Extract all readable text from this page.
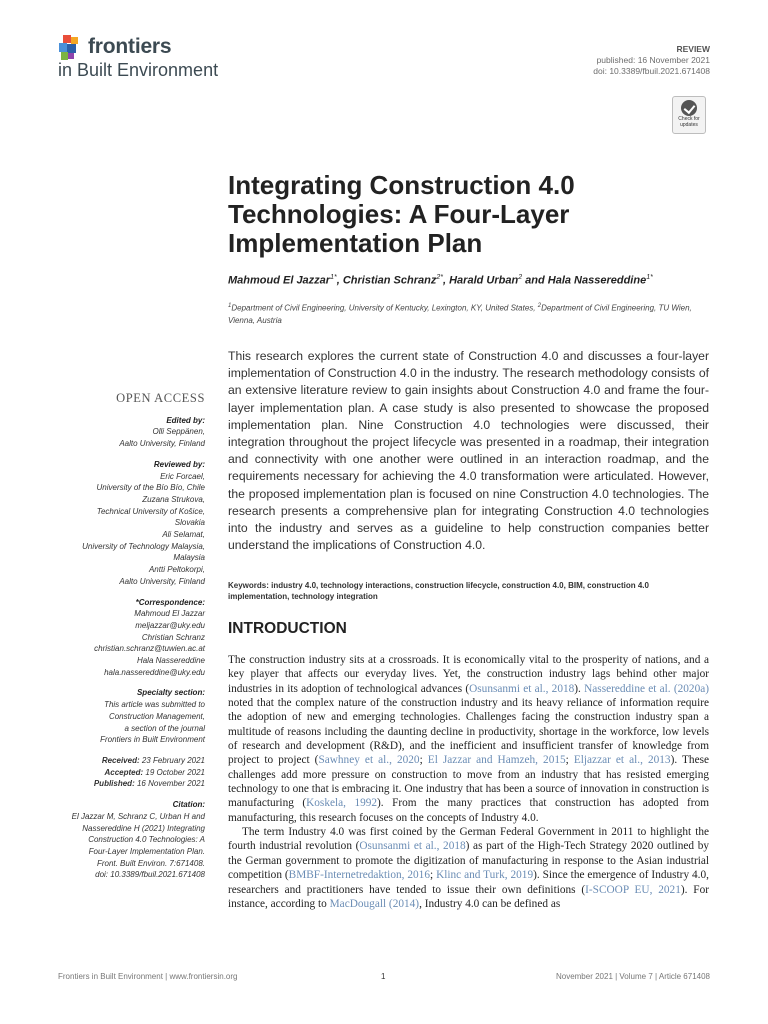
frontiers
in Built Environment
REVIEW
published: 16 November 2021
doi: 10.3389/fbuil.2021.671408
Check for updates
Integrating Construction 4.0 Technologies: A Four-Layer Implementation Plan
Mahmoud El Jazzar$^{1*}$, Christian Schranz$^{2*}$, Harald Urban$^2$ and Hala Nassereddine$^{1*}$
$^1$Department of Civil Engineering, University of Kentucky, Lexington, KY, United States, $^2$Department of Civil Engineering, TU Wien, Vienna, Austria
This research explores the current state of Construction 4.0 and discusses a four-layer implementation of Construction 4.0 in the industry. The research methodology consists of an extensive literature review to gain insights about Construction 4.0 and frame the four-layer implementation plan. A case study is also presented to showcase the proposed implementation plan. Nine Construction 4.0 technologies were discussed, their integration throughout the project lifecycle was presented in a roadmap, their integration and connectivity with one another were outlined in an interaction roadmap, and the requirements necessary for achieving the 4.0 transformation were articulated. However, the proposed implementation plan is focused on nine Construction 4.0 technologies. The research presents a comprehensive plan for integrating Construction 4.0 technologies into the industry and serves as a guideline to help construction companies better understand the implications of Construction 4.0.
Keywords: industry 4.0, technology interactions, construction lifecycle, construction 4.0, BIM, construction 4.0 implementation, technology integration
INTRODUCTION

The construction industry sits at a crossroads. It is economically vital to the prosperity of nations, and a key player that affects our everyday lives. Yet, the construction industry lags behind other major industries in its adoption of technological advances (Osunsanmi et al., 2018). Nassereddine et al. (2020a) noted that the complex nature of the construction industry and its heavy reliance of information require the adoption of new and emerging technologies. Challenges facing the construction industry span a multitude of reasons including the daunting decline in productivity, shortage in the workforce, low levels of research and development (R&D), and the inefficient and insufficient transfer of knowledge from project to project (Sawhney et al., 2020; El Jazzar and Hamzeh, 2015; Eljazzar et al., 2013). These challenges add more pressure on construction to move from an industry that has resisted emerging technology to one that is embracing it. One industry that has been a source of innovation in construction is manufacturing (Koskela, 1992). From the many practices that construction has adopted from manufacturing, this research focuses on the concepts of Industry 4.0.

The term Industry 4.0 was first coined by the German Federal Government in 2011 to highlight the fourth industrial revolution (Osunsanmi et al., 2018) as part of the High-Tech Strategy 2020 outlined by the German government to promote the digitization of manufacturing in response to the Asian industrial competition (BMBF-Internetredaktion, 2016; Klinc and Turk, 2019). Since the emergence of Industry 4.0, researchers and practitioners have tended to issue their own definitions (I-SCOOP EU, 2021). For instance, according to MacDougall (2014), Industry 4.0 can be defined as

OPEN ACCESS
Edited by:
Olli Seppänen,
Aalto University, Finland
Reviewed by:
Eric Forcael,
University of the Bío Bío, Chile
Zuzana Strukova,
Technical University of Košice,
Slovakia
Ali Selamat,
University of Technology Malaysia,
Malaysia
Antti Peltokorpi,
Aalto University, Finland
*Correspondence:
Mahmoud El Jazzar
meljazzar@uky.edu
Christian Schranz
christian.schranz@tuwien.ac.at
Hala Nassereddine
hala.nassereddine@uky.edu
Specialty section:
This article was submitted to
Construction Management,
a section of the journal
Frontiers in Built Environment
Received: 23 February 2021
Accepted: 19 October 2021
Published: 16 November 2021
Citation:
El Jazzar M, Schranz C, Urban H and
Nassereddine H (2021) Integrating
Construction 4.0 Technologies: A
Four-Layer Implementation Plan.
Front. Built Environ. 7:671408.
doi: 10.3389/fbuil.2021.671408
Frontiers in Built Environment | www.frontiersin.org	1	November 2021 | Volume 7 | Article 671408
